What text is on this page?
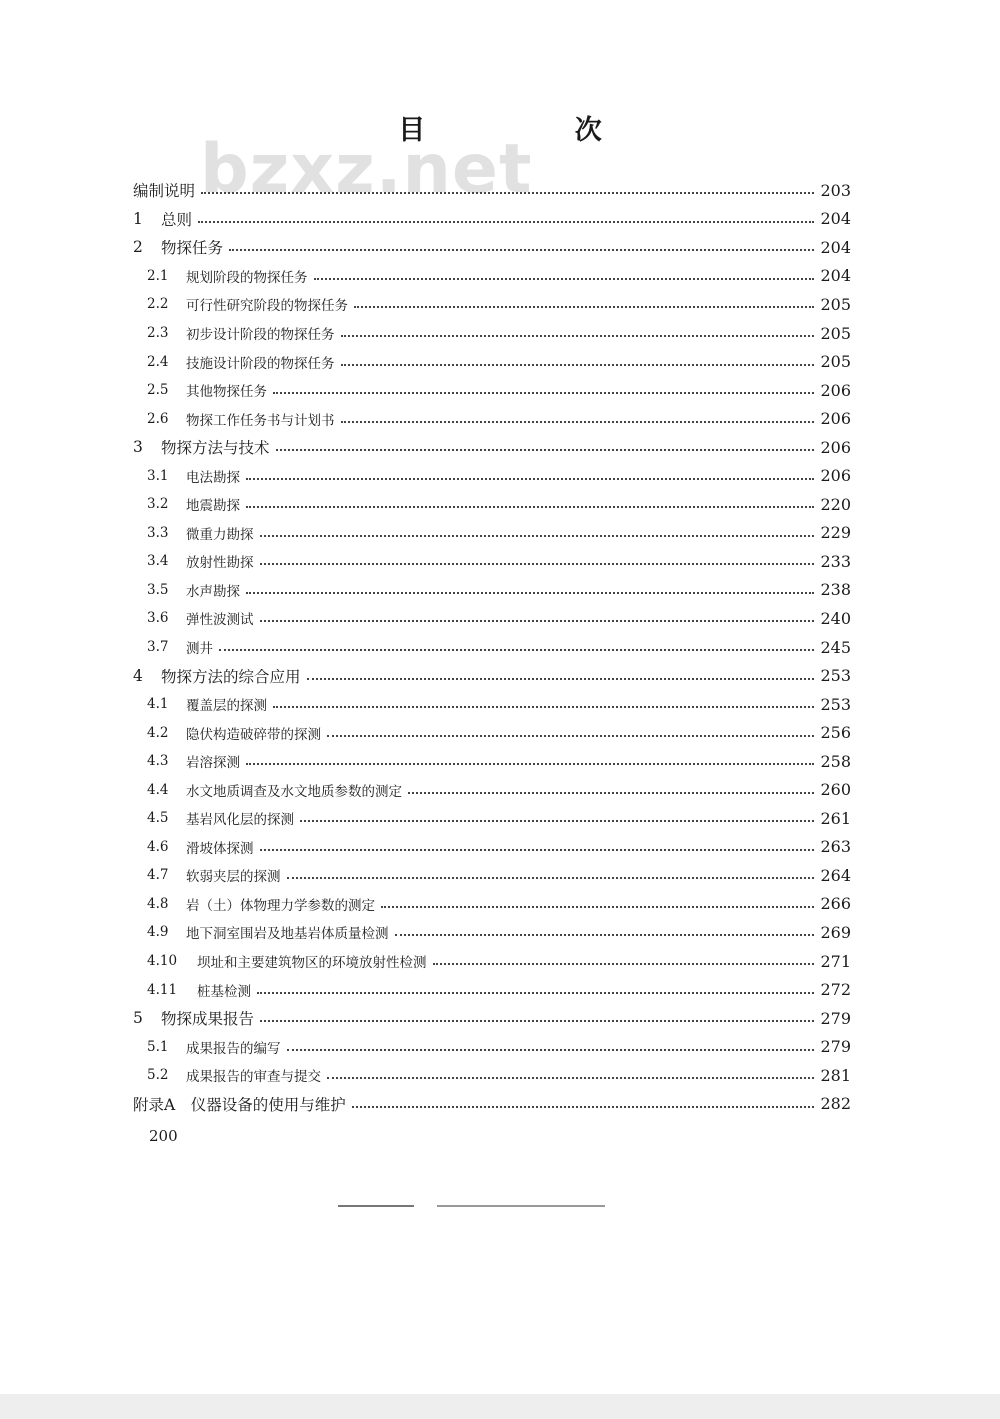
bzxz.net
目 次
编制说明	203
1	总则	204
2	物探任务	204
2.1	规划阶段的物探任务	204
2.2	可行性研究阶段的物探任务	205
2.3	初步设计阶段的物探任务	205
2.4	技施设计阶段的物探任务	205
2.5	其他物探任务	206
2.6	物探工作任务书与计划书	206
3	物探方法与技术	206
3.1	电法勘探	206
3.2	地震勘探	220
3.3	微重力勘探	229
3.4	放射性勘探	233
3.5	水声勘探	238
3.6	弹性波测试	240
3.7	测井	245
4	物探方法的综合应用	253
4.1	覆盖层的探测	253
4.2	隐伏构造破碎带的探测	256
4.3	岩溶探测	258
4.4	水文地质调查及水文地质参数的测定	260
4.5	基岩风化层的探测	261
4.6	滑坡体探测	263
4.7	软弱夹层的探测	264
4.8	岩（土）体物理力学参数的测定	266
4.9	地下洞室围岩及地基岩体质量检测	269
4.10	坝址和主要建筑物区的环境放射性检测	271
4.11	桩基检测	272
5	物探成果报告	279
5.1	成果报告的编写	279
5.2	成果报告的审查与提交	281
附录A　仪器设备的使用与维护	282
200
